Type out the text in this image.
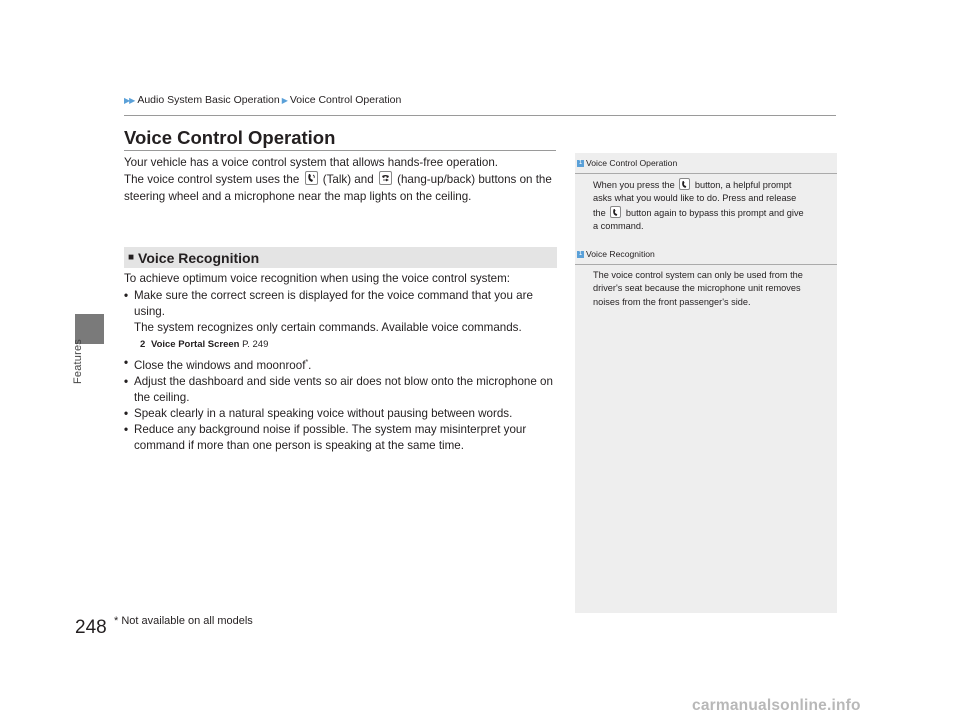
Features
▶▶ Audio System Basic Operation ▶ Voice Control Operation
Voice Control Operation

Your vehicle has a voice control system that allows hands-free operation.

The voice control system uses the (Talk) and (hang-up/back) buttons on the

steering wheel and a microphone near the map lights on the ceiling.

■ Voice Recognition

To achieve optimum voice recognition when using the voice control system:

• Make sure the correct screen is displayed for the voice command that you are using.
The system recognizes only certain commands. Available voice commands.
2 Voice Portal Screen P. 249
• Close the windows and moonroof*.
• Adjust the dashboard and side vents so air does not blow onto the microphone on the ceiling.
• Speak clearly in a natural speaking voice without pausing between words.
• Reduce any background noise if possible. The system may misinterpret your command if more than one person is speaking at the same time.
1 Voice Control Operation
When you press the button, a helpful prompt asks what you would like to do. Press and release the button again to bypass this prompt and give a command.
1 Voice Recognition
The voice control system can only be used from the driver's seat because the microphone unit removes noises from the front passenger's side.
248 * Not available on all models
carmanualsonline.info
